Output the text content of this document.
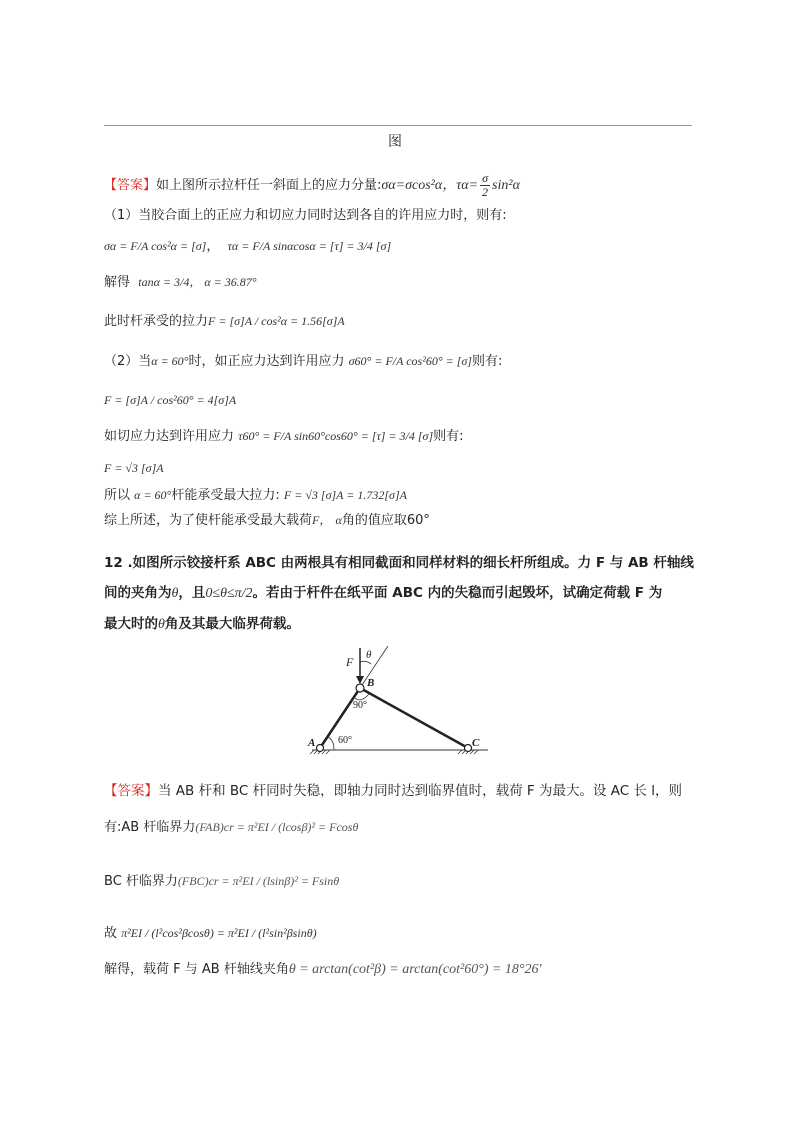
图
【答案】如上图所示拉杆任一斜面上的应力分量:σα=σcos²α，$\tau\alpha= \frac{\sigma}{2} \sin^2\alpha$
（1）当胶合面上的正应力和切应力同时达到各自的许用应力时，则有:
σα = F/A cos²α = [σ]， τα = F/A sinαcosα = [τ] = 3/4 [σ]
解得 tanα = 3/4， α = 36.87°
此时杆承受的拉力F = [σ]A / cos²α = 1.56[σ]A
（2）当α = 60°时，如正应力达到许用应力 σ60° = F/A cos²60° = [σ]则有:
F = [σ]A / cos²60° = 4[σ]A
如切应力达到许用应力 τ60° = F/A sin60°cos60° = [τ] = 3/4 [σ]则有:
F = √3 [σ]A
所以 α = 60°杆能承受最大拉力: F = √3 [σ]A = 1.732[σ]A
综上所述，为了使杆能承受最大载荷F， α角的值应取60°
12 .如图所示铰接杆系 ABC 由两根具有相同截面和同样材料的细长杆所组成。力 F 与 AB 杆轴线
间的夹角为θ，且0≤θ≤π/2。若由于杆件在纸平面 ABC 内的失稳而引起毁坏，试确定荷载 F 为
最大时的θ角及其最大临界荷载。
F θ
B
90°
A 60°	C
【答案】当 AB 杆和 BC 杆同时失稳，即轴力同时达到临界值时，载荷 F 为最大。设 AC 长 l，则
有:AB 杆临界力(FAB)cr = π²EI / (lcosβ)² = Fcosθ
BC 杆临界力(FBC)cr = π²EI / (lsinβ)² = Fsinθ
故 π²EI / (l²cos²βcosθ) = π²EI / (l²sin²βsinθ)
解得，载荷 F 与 AB 杆轴线夹角θ = arctan(cot²β) = arctan(cot²60°) = 18°26′
